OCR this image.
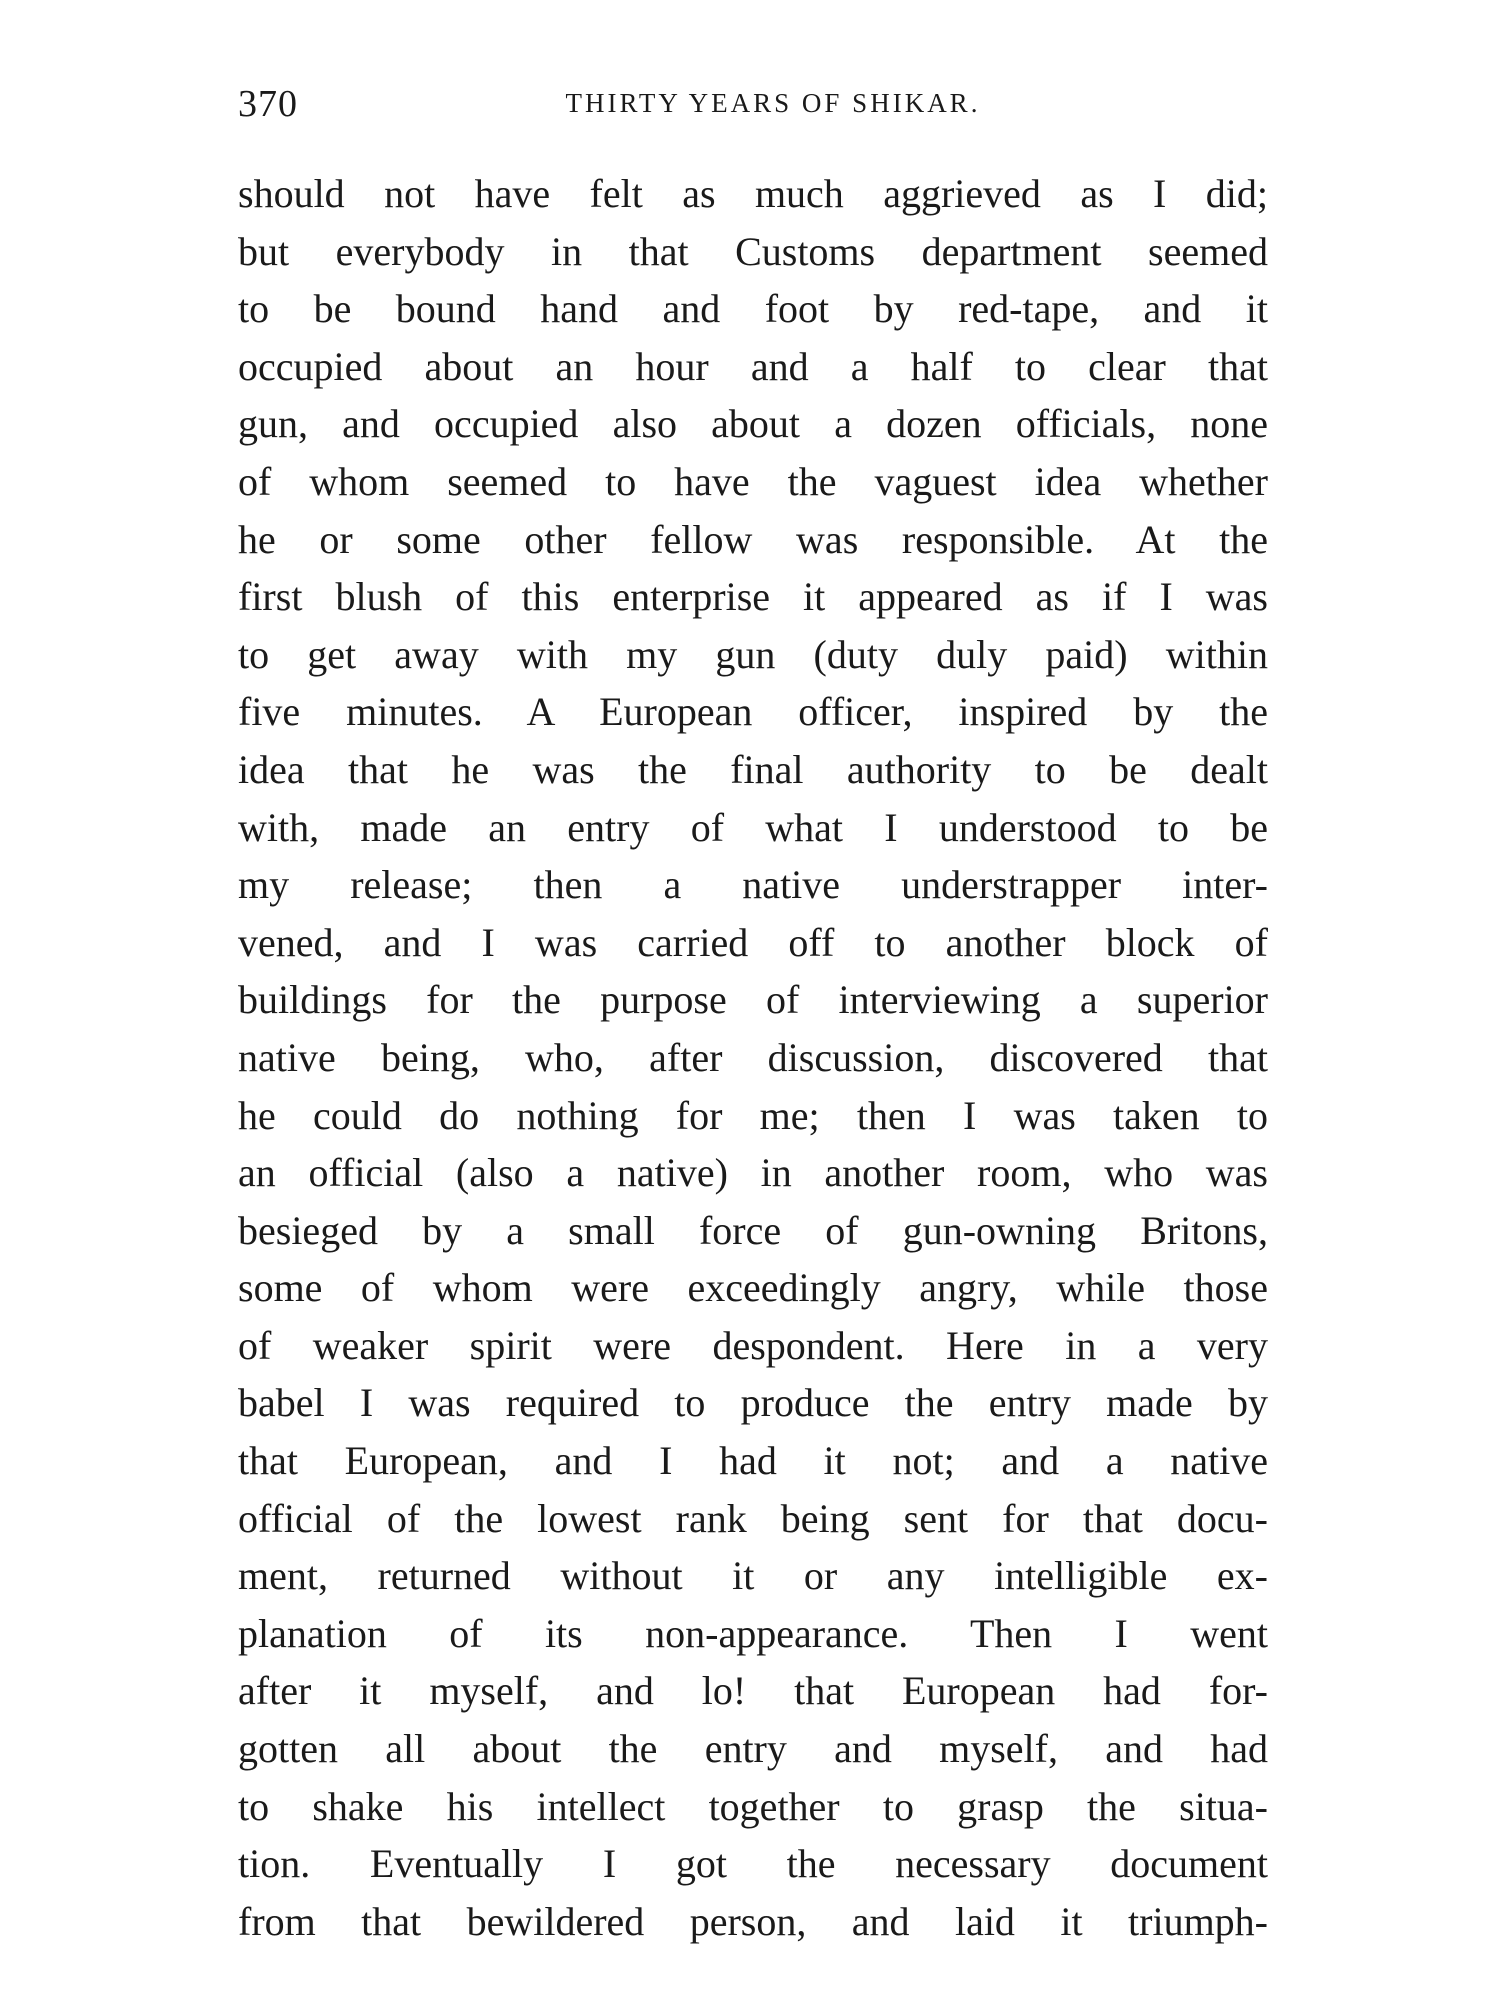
370	THIRTY YEARS OF SHIKAR.
should not have felt as much aggrieved as I did;
but everybody in that Customs department seemed
to be bound hand and foot by red-tape, and it
occupied about an hour and a half to clear that
gun, and occupied also about a dozen officials, none
of whom seemed to have the vaguest idea whether
he or some other fellow was responsible. At the
first blush of this enterprise it appeared as if I was
to get away with my gun (duty duly paid) within
five minutes. A European officer, inspired by the
idea that he was the final authority to be dealt
with, made an entry of what I understood to be
my release; then a native understrapper inter-
vened, and I was carried off to another block of
buildings for the purpose of interviewing a superior
native being, who, after discussion, discovered that
he could do nothing for me; then I was taken to
an official (also a native) in another room, who was
besieged by a small force of gun-owning Britons,
some of whom were exceedingly angry, while those
of weaker spirit were despondent. Here in a very
babel I was required to produce the entry made by
that European, and I had it not; and a native
official of the lowest rank being sent for that docu-
ment, returned without it or any intelligible ex-
planation of its non-appearance. Then I went
after it myself, and lo! that European had for-
gotten all about the entry and myself, and had
to shake his intellect together to grasp the situa-
tion. Eventually I got the necessary document
from that bewildered person, and laid it triumph-
